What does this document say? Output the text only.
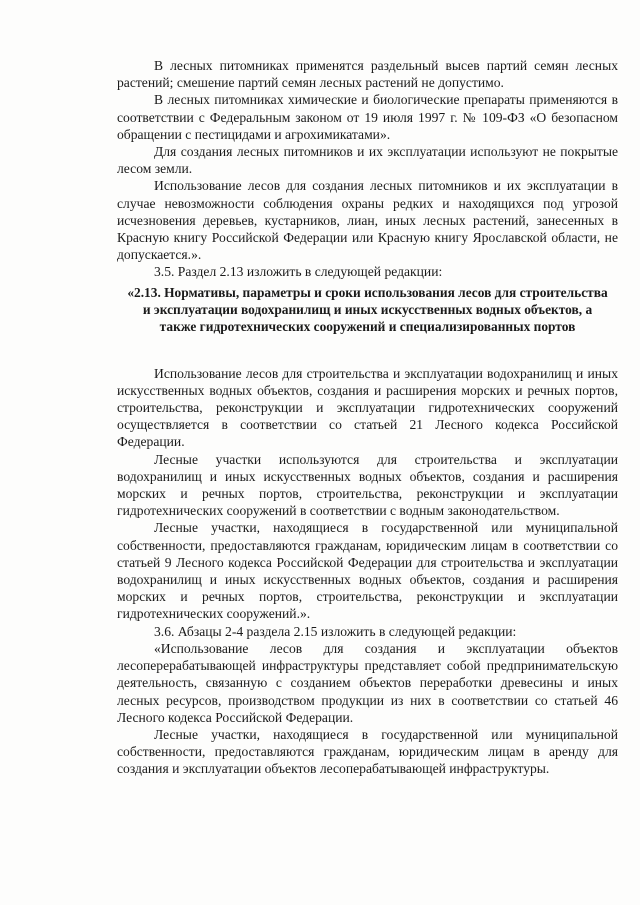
В лесных питомниках применятся раздельный высев партий семян лесных растений; смешение партий семян лесных растений не допустимо.

В лесных питомниках химические и биологические препараты применяются в соответствии с Федеральным законом от 19 июля 1997 г. № 109-ФЗ «О безопасном обращении с пестицидами и агрохимикатами».

Для создания лесных питомников и их эксплуатации используют не покрытые лесом земли.

Использование лесов для создания лесных питомников и их эксплуатации в случае невозможности соблюдения охраны редких и находящихся под угрозой исчезновения деревьев, кустарников, лиан, иных лесных растений, занесенных в Красную книгу Российской Федерации или Красную книгу Ярославской области, не допускается.».

3.5. Раздел 2.13 изложить в следующей редакции:

«2.13. Нормативы, параметры и сроки использования лесов для строительства и эксплуатации водохранилищ и иных искусственных водных объектов, а также гидротехнических сооружений и специализированных портов

Использование лесов для строительства и эксплуатации водохранилищ и иных искусственных водных объектов, создания и расширения морских и речных портов, строительства, реконструкции и эксплуатации гидротехнических сооружений осуществляется в соответствии со статьей 21 Лесного кодекса Российской Федерации.

Лесные участки используются для строительства и эксплуатации водохранилищ и иных искусственных водных объектов, создания и расширения морских и речных портов, строительства, реконструкции и эксплуатации гидротехнических сооружений в соответствии с водным законодательством.

Лесные участки, находящиеся в государственной или муниципальной собственности, предоставляются гражданам, юридическим лицам в соответствии со статьей 9 Лесного кодекса Российской Федерации для строительства и эксплуатации водохранилищ и иных искусственных водных объектов, создания и расширения морских и речных портов, строительства, реконструкции и эксплуатации гидротехнических сооружений.».

3.6. Абзацы 2-4 раздела 2.15 изложить в следующей редакции:

«Использование лесов для создания и эксплуатации объектов лесоперерабатывающей инфраструктуры представляет собой предпринимательскую деятельность, связанную с созданием объектов переработки древесины и иных лесных ресурсов, производством продукции из них в соответствии со статьей 46 Лесного кодекса Российской Федерации.

Лесные участки, находящиеся в государственной или муниципальной собственности, предоставляются гражданам, юридическим лицам в аренду для создания и эксплуатации объектов лесоперабатывающей инфраструктуры.
